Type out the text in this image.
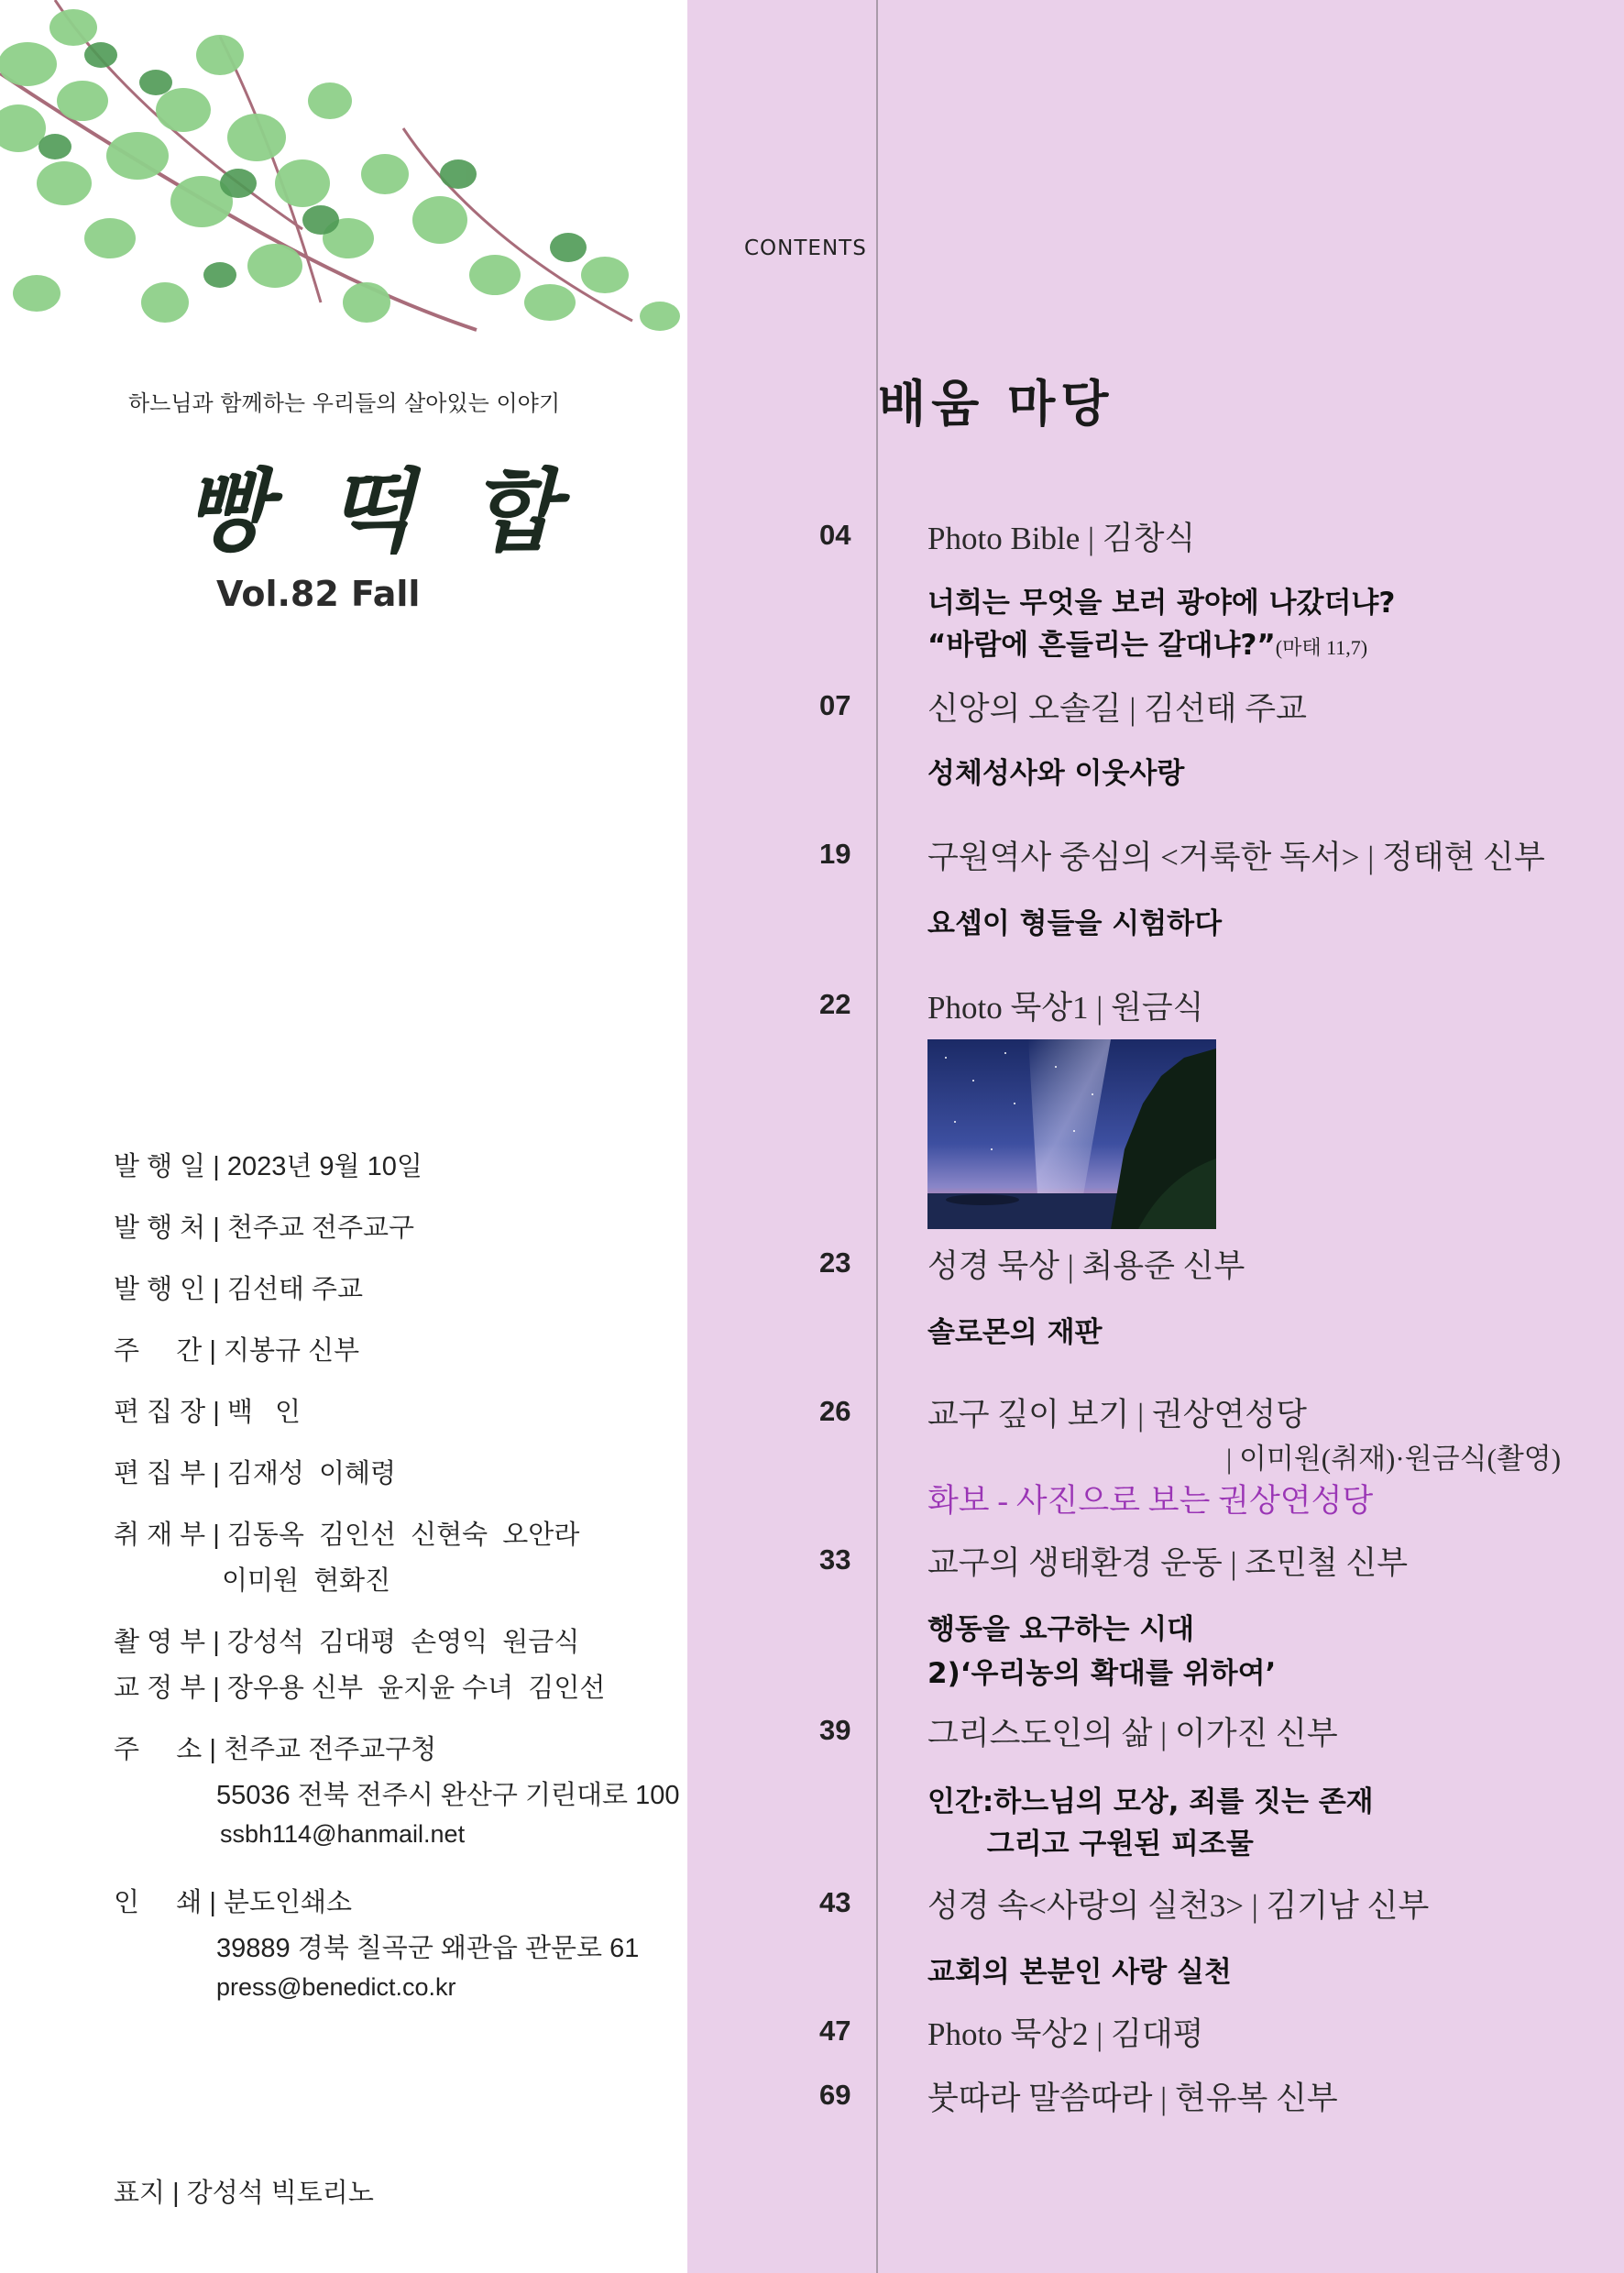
하느님과 함께하는 우리들의 살아있는 이야기
빵 떡 합
Vol.82 Fall
발 행 일 | 2023년 9월 10일
발 행 처 | 천주교 전주교구
발 행 인 | 김선태 주교
주     간 | 지봉규 신부
편 집 장 | 백   인
편 집 부 | 김재성  이혜령
취 재 부 | 김동옥  김인선  신현숙  오안라
이미원  현화진
촬 영 부 | 강성석  김대평  손영익  원금식
교 정 부 | 장우용 신부  윤지윤 수녀  김인선
주     소 | 천주교 전주교구청
55036 전북 전주시 완산구 기린대로 100
ssbh114@hanmail.net
인     쇄 | 분도인쇄소
39889 경북 칠곡군 왜관읍 관문로 61
press@benedict.co.kr
표지 | 강성석 빅토리노
CONTENTS
배움 마당
04 Photo Bible | 김창식
너희는 무엇을 보러 광야에 나갔더냐?
“바람에 흔들리는 갈대냐?”(마태 11,7)
07 신앙의 오솔길 | 김선태 주교
성체성사와 이웃사랑
19 구원역사 중심의 <거룩한 독서> | 정태현 신부
요셉이 형들을 시험하다
22 Photo 묵상1 | 원금식
23 성경 묵상 | 최용준 신부
솔로몬의 재판
26 교구 깊이 보기 | 권상연성당
| 이미원(취재)·원금식(촬영)
화보 - 사진으로 보는 권상연성당
33 교구의 생태환경 운동 | 조민철 신부
행동을 요구하는 시대
2)‘우리농의 확대를 위하여’
39 그리스도인의 삶 | 이가진 신부
인간:하느님의 모상, 죄를 짓는 존재
그리고 구원된 피조물
43 성경 속<사랑의 실천3> | 김기남 신부
교회의 본분인 사랑 실천
47 Photo 묵상2 | 김대평
69 붓따라 말씀따라 | 현유복 신부
